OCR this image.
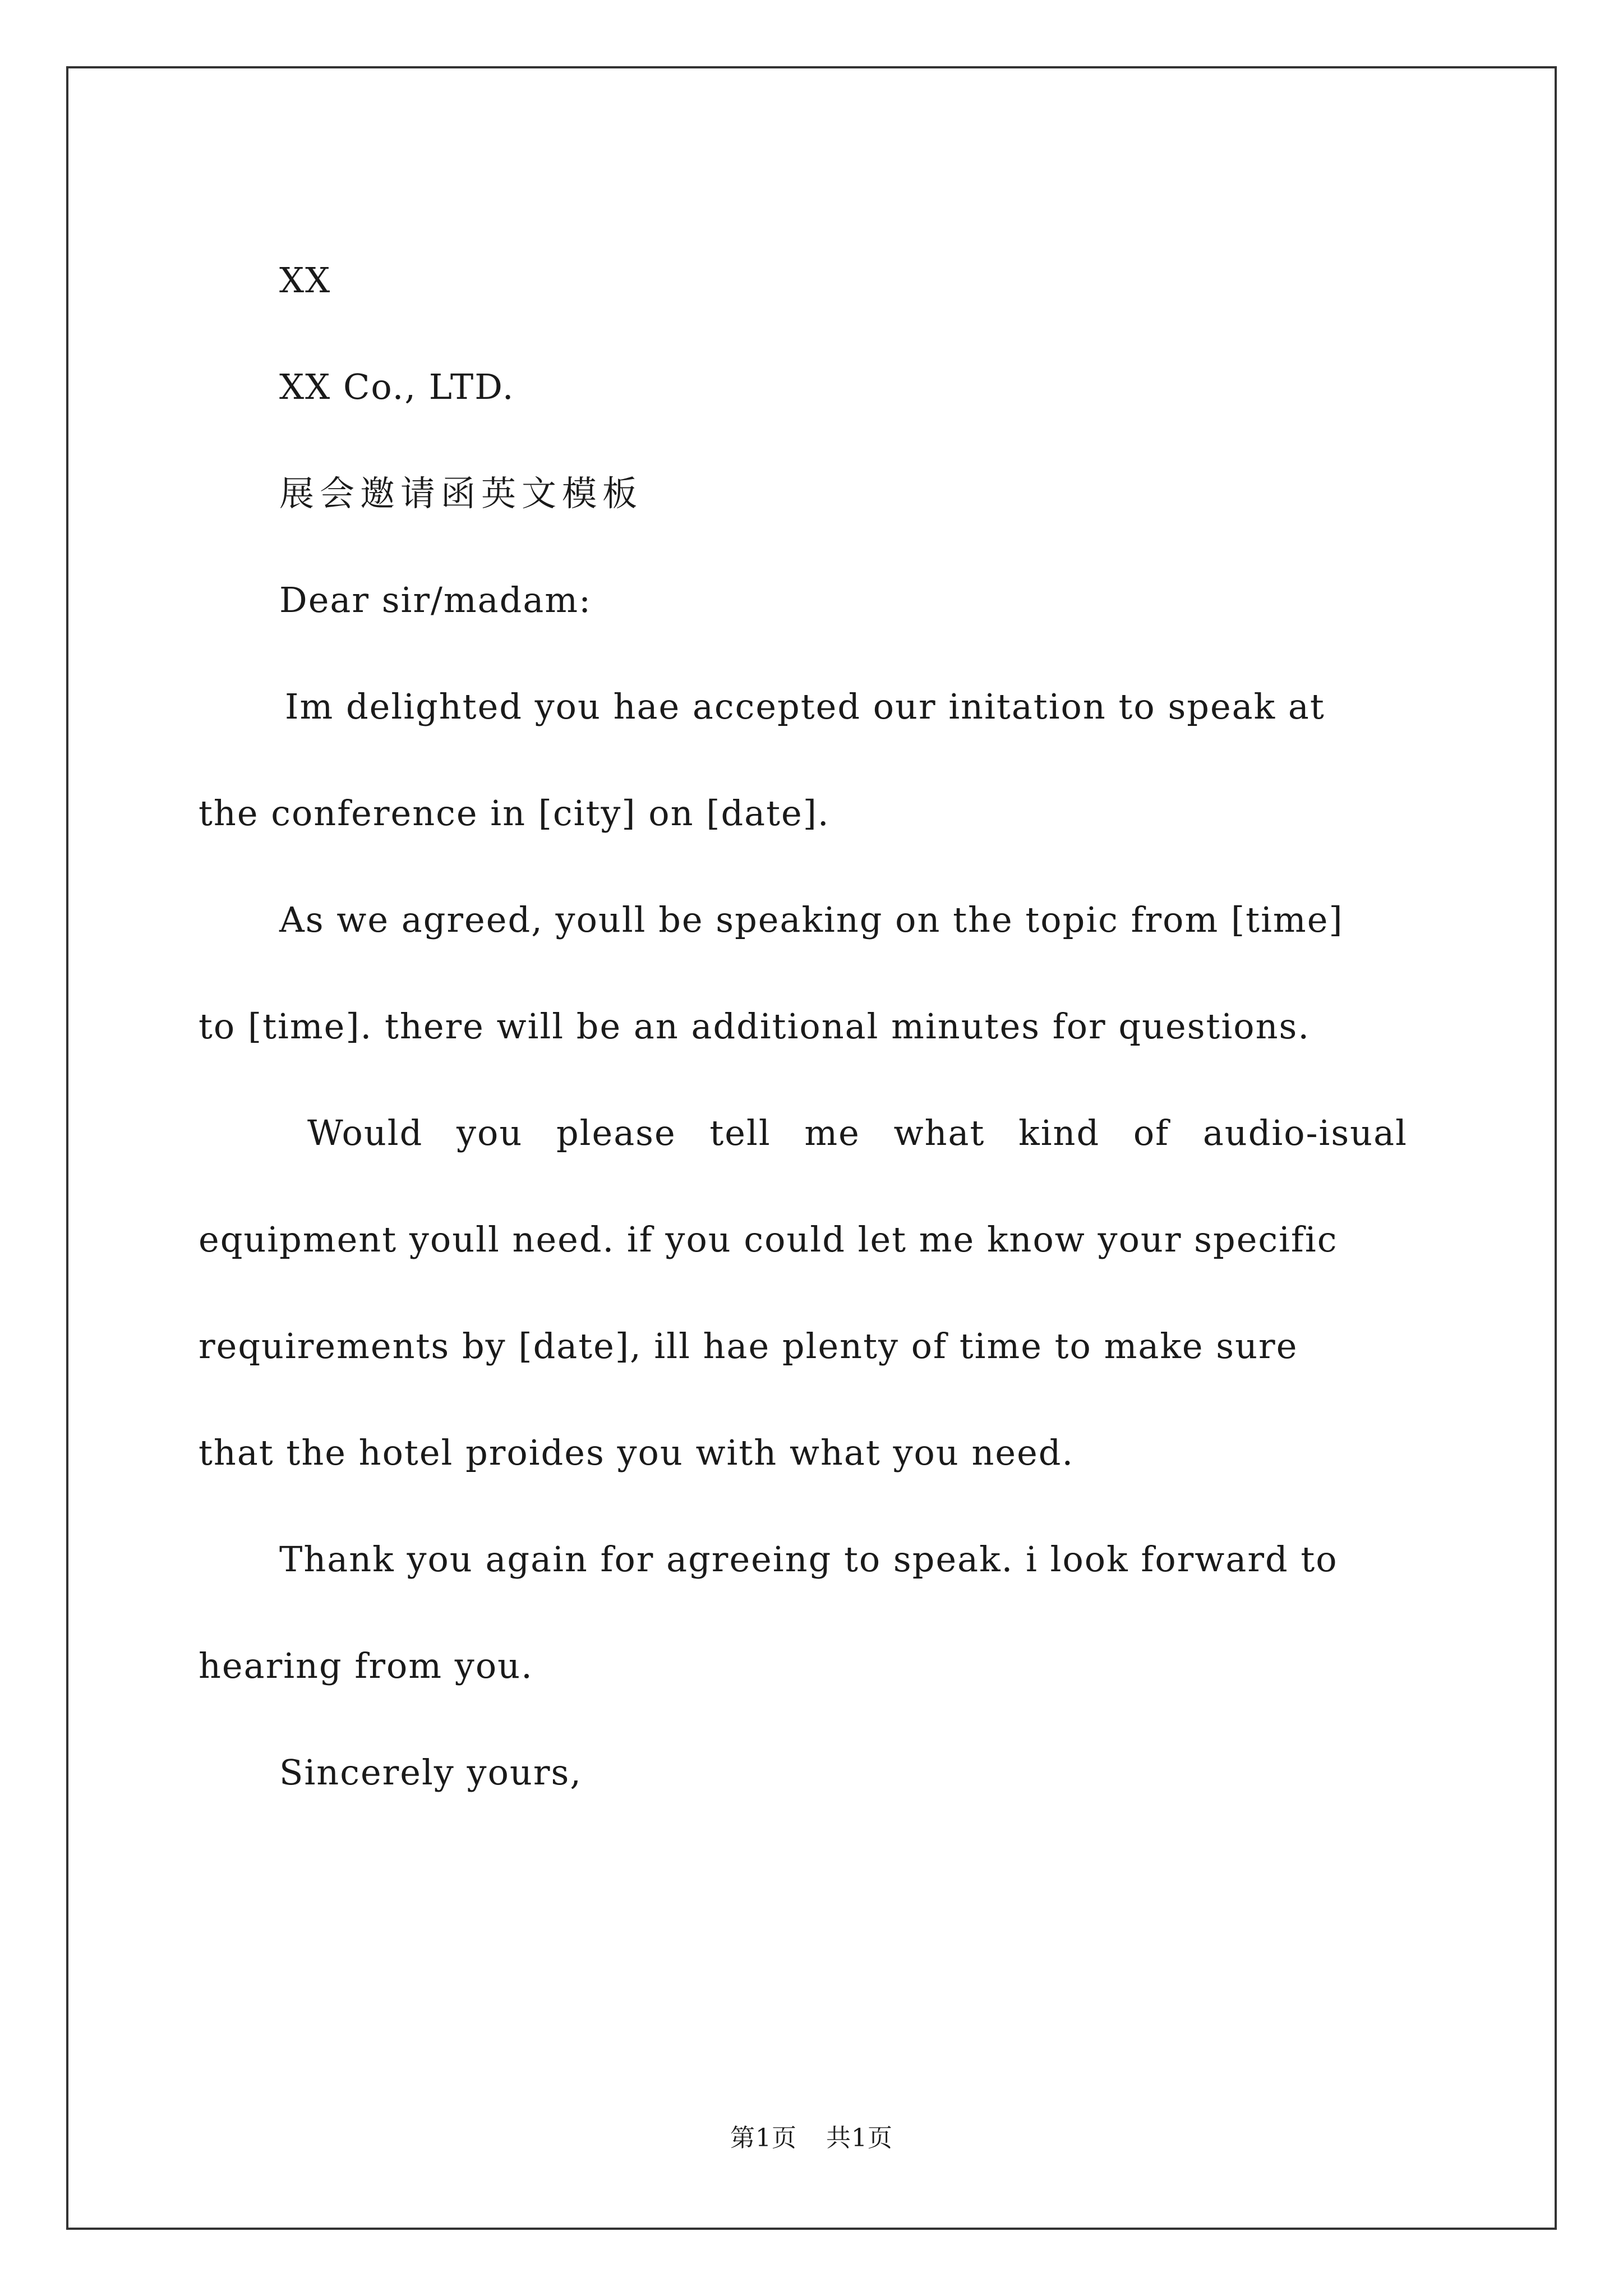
XX

XX Co., LTD.

展会邀请函英文模板

Dear sir/madam:

Im delighted you hae accepted our initation to speak at

the conference in [city] on [date].

As we agreed, youll be speaking on the topic from [time]

to [time]. there will be an additional minutes for questions.

Would you please tell me what kind of audio-isual

equipment youll need. if you could let me know your specific

requirements by [date], ill hae plenty of time to make sure

that the hotel proides you with what you need.

Thank you again for agreeing to speak. i look forward to

hearing from you.

Sincerely yours,

第1页 共1页
